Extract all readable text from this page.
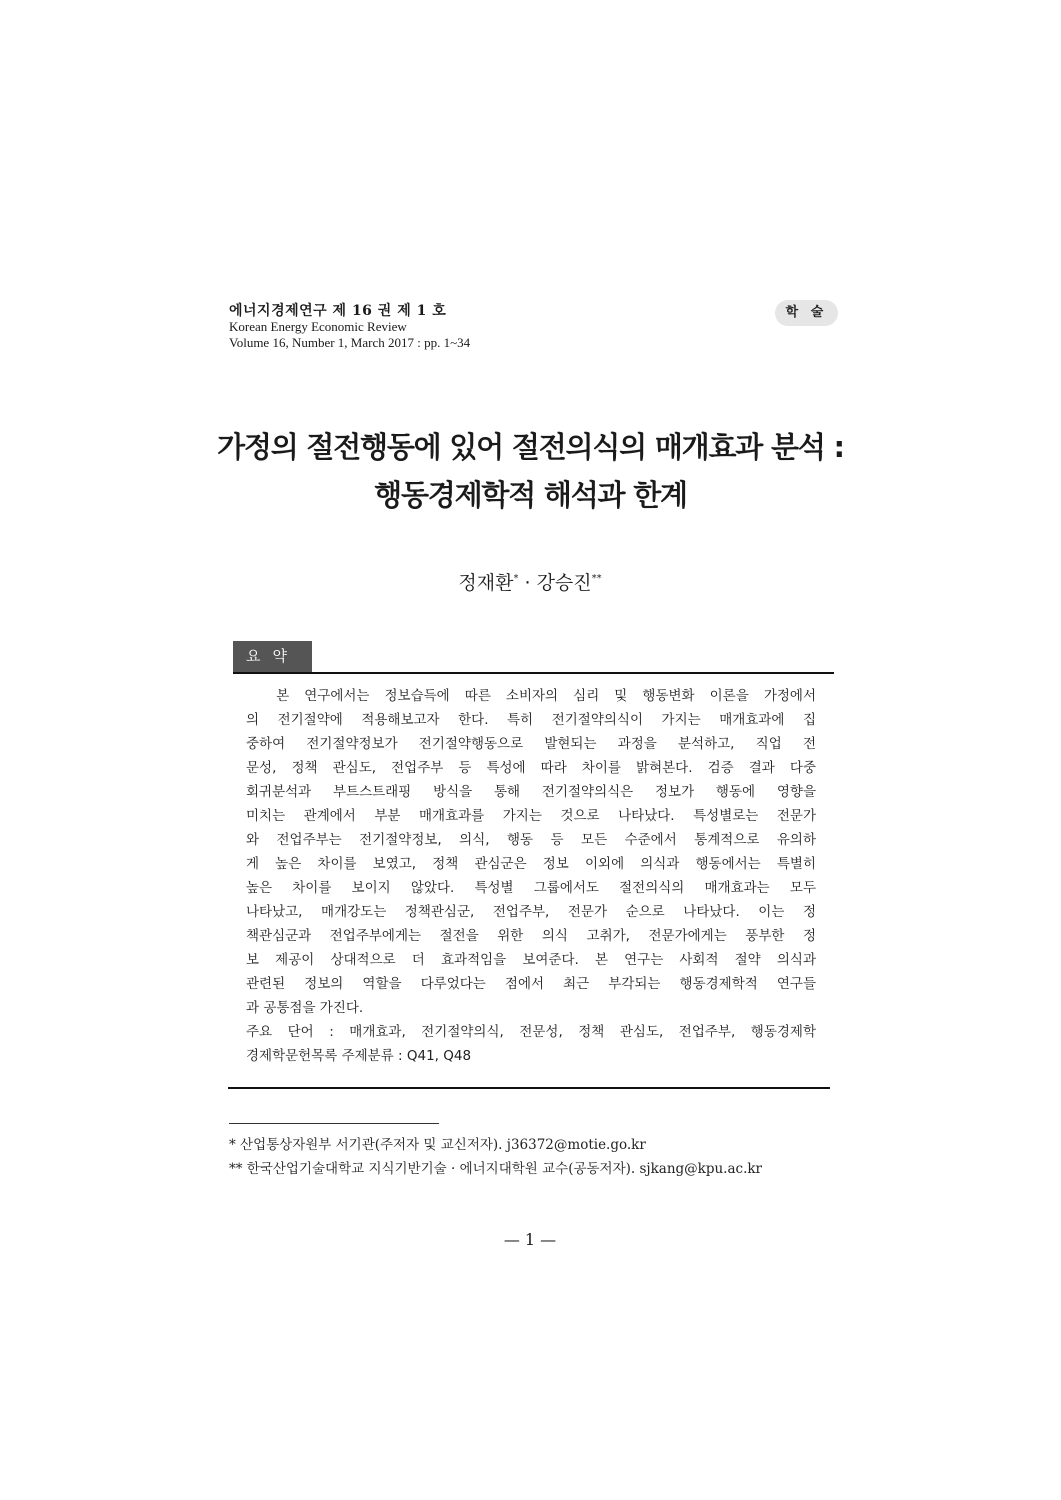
에너지경제연구 제 16 권 제 1 호
Korean Energy Economic Review
Volume 16, Number 1, March 2017 : pp. 1~34
학 술
가정의 절전행동에 있어 절전의식의 매개효과 분석 :
행동경제학적 해석과 한계
정재환* · 강승진**
요약
본 연구에서는 정보습득에 따른 소비자의 심리 및 행동변화 이론을 가정에서
의 전기절약에 적용해보고자 한다. 특히 전기절약의식이 가지는 매개효과에 집
중하여 전기절약정보가 전기절약행동으로 발현되는 과정을 분석하고, 직업 전
문성, 정책 관심도, 전업주부 등 특성에 따라 차이를 밝혀본다. 검증 결과 다중
회귀분석과 부트스트래핑 방식을 통해 전기절약의식은 정보가 행동에 영향을
미치는 관계에서 부분 매개효과를 가지는 것으로 나타났다. 특성별로는 전문가
와 전업주부는 전기절약정보, 의식, 행동 등 모든 수준에서 통계적으로 유의하
게 높은 차이를 보였고, 정책 관심군은 정보 이외에 의식과 행동에서는 특별히
높은 차이를 보이지 않았다. 특성별 그룹에서도 절전의식의 매개효과는 모두
나타났고, 매개강도는 정책관심군, 전업주부, 전문가 순으로 나타났다. 이는 정
책관심군과 전업주부에게는 절전을 위한 의식 고취가, 전문가에게는 풍부한 정
보 제공이 상대적으로 더 효과적임을 보여준다. 본 연구는 사회적 절약 의식과
관련된 정보의 역할을 다루었다는 점에서 최근 부각되는 행동경제학적 연구들
과 공통점을 가진다.
주요 단어 : 매개효과, 전기절약의식, 전문성, 정책 관심도, 전업주부, 행동경제학
경제학문헌목록 주제분류 : Q41, Q48
* 산업통상자원부 서기관(주저자 및 교신저자). j36372@motie.go.kr
** 한국산업기술대학교 지식기반기술 · 에너지대학원 교수(공동저자). sjkang@kpu.ac.kr
— 1 —
